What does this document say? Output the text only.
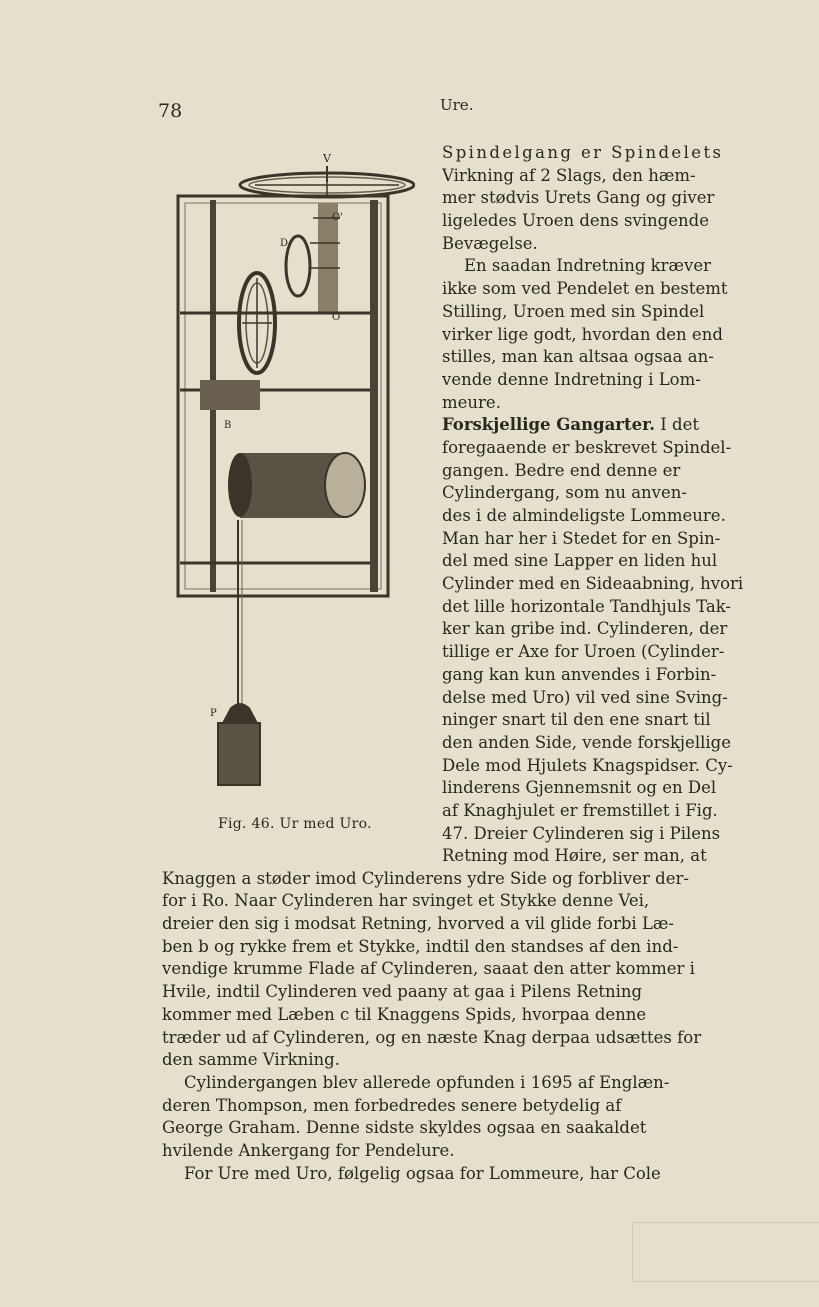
78	Ure.
V
O'
D
O
B
P
Fig. 46. Ur med Uro.
Spindelgang er Spindelets
Virkning af 2 Slags, den hæm-
mer stødvis Urets Gang og giver
ligeledes Uroen dens svingende
Bevægelse.
En saadan Indretning kræver
ikke som ved Pendelet en bestemt
Stilling, Uroen med sin Spindel
virker lige godt, hvordan den end
stilles, man kan altsaa ogsaa an-
vende denne Indretning i Lom-
meure.
Forskjellige Gangarter. I det
foregaaende er beskrevet Spindel-
gangen. Bedre end denne er
Cylindergang, som nu anven-
des i de almindeligste Lommeure.
Man har her i Stedet for en Spin-
del med sine Lapper en liden hul
Cylinder med en Sideaabning, hvori
det lille horizontale Tandhjuls Tak-
ker kan gribe ind. Cylinderen, der
tillige er Axe for Uroen (Cylinder-
gang kan kun anvendes i Forbin-
delse med Uro) vil ved sine Sving-
ninger snart til den ene snart til
den anden Side, vende forskjellige
Dele mod Hjulets Knagspidser. Cy-
linderens Gjennemsnit og en Del
af Knaghjulet er fremstillet i Fig.
47. Dreier Cylinderen sig i Pilens
Retning mod Høire, ser man, at
Knaggen a støder imod Cylinderens ydre Side og forbliver der-
for i Ro. Naar Cylinderen har svinget et Stykke denne Vei,
dreier den sig i modsat Retning, hvorved a vil glide forbi Læ-
ben b og rykke frem et Stykke, indtil den standses af den ind-
vendige krumme Flade af Cylinderen, saaat den atter kommer i
Hvile, indtil Cylinderen ved paany at gaa i Pilens Retning
kommer med Læben c til Knaggens Spids, hvorpaa denne
træder ud af Cylinderen, og en næste Knag derpaa udsættes for
den samme Virkning.
Cylindergangen blev allerede opfunden i 1695 af Englæn-
deren Thompson, men forbedredes senere betydelig af
George Graham. Denne sidste skyldes ogsaa en saakaldet
hvilende Ankergang for Pendelure.
For Ure med Uro, følgelig ogsaa for Lommeure, har Cole
